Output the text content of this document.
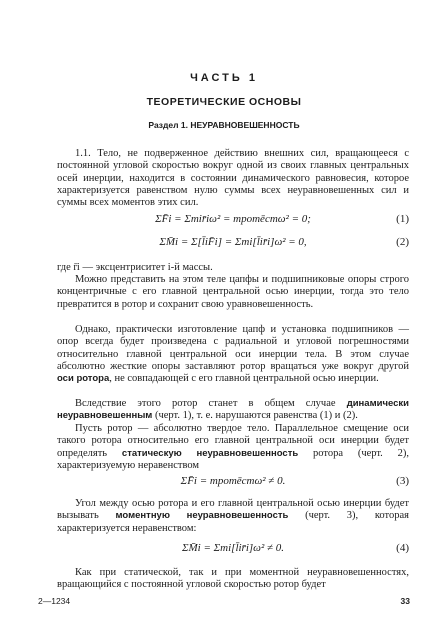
ЧАСТЬ 1
ТЕОРЕТИЧЕСКИЕ ОСНОВЫ
Раздел 1. НЕУРАВНОВЕШЕННОСТЬ
1.1. Тело, не подверженное действию внешних сил, вращающееся с постоянной угловой скоростью вокруг одной из своих главных центральных осей инерции, находится в состоянии динамического равновесия, которое характеризуется равенством нулю суммы всех неуравновешенных сил и суммы всех моментов этих сил.
ΣF̄i = Σmir̄iω² = mротēстω² = 0;	(1)
ΣM̄i = Σ[l̄iF̄i] = Σmi[l̄ir̄i]ω² = 0,	(2)
где r̄i — эксцентриситет i-й массы.
Можно представить на этом теле цапфы и подшипниковые опоры строго концентричные с его главной центральной осью инерции, тогда это тело превратится в ротор и сохранит свою уравновешенность.
Однако, практически изготовление цапф и установка подшипников — опор всегда будет произведена с радиальной и угловой погрешностями относительно главной центральной оси инерции тела. В этом случае абсолютно жесткие опоры заставляют ротор вращаться уже вокруг другой оси ротора, не совпадающей с его главной центральной осью инерции.
Вследствие этого ротор станет в общем случае динамически неуравновешенным (черт. 1), т. е. нарушаются равенства (1) и (2).
Пусть ротор — абсолютно твердое тело. Параллельное смещение оси такого ротора относительно его главной центральной оси инерции будет определять статическую неуравновешенность ротора (черт. 2), характеризуемую неравенством
ΣF̄i = mротēстω² ≠ 0.	(3)
Угол между осью ротора и его главной центральной осью инерции будет вызывать моментную неуравновешенность (черт. 3), которая характеризуется неравенством:
ΣM̄i = Σmi[l̄ir̄i]ω² ≠ 0.	(4)
Как при статической, так и при моментной неуравновешенностях, вращающийся с постоянной угловой скоростью ротор будет
2—1234	33
